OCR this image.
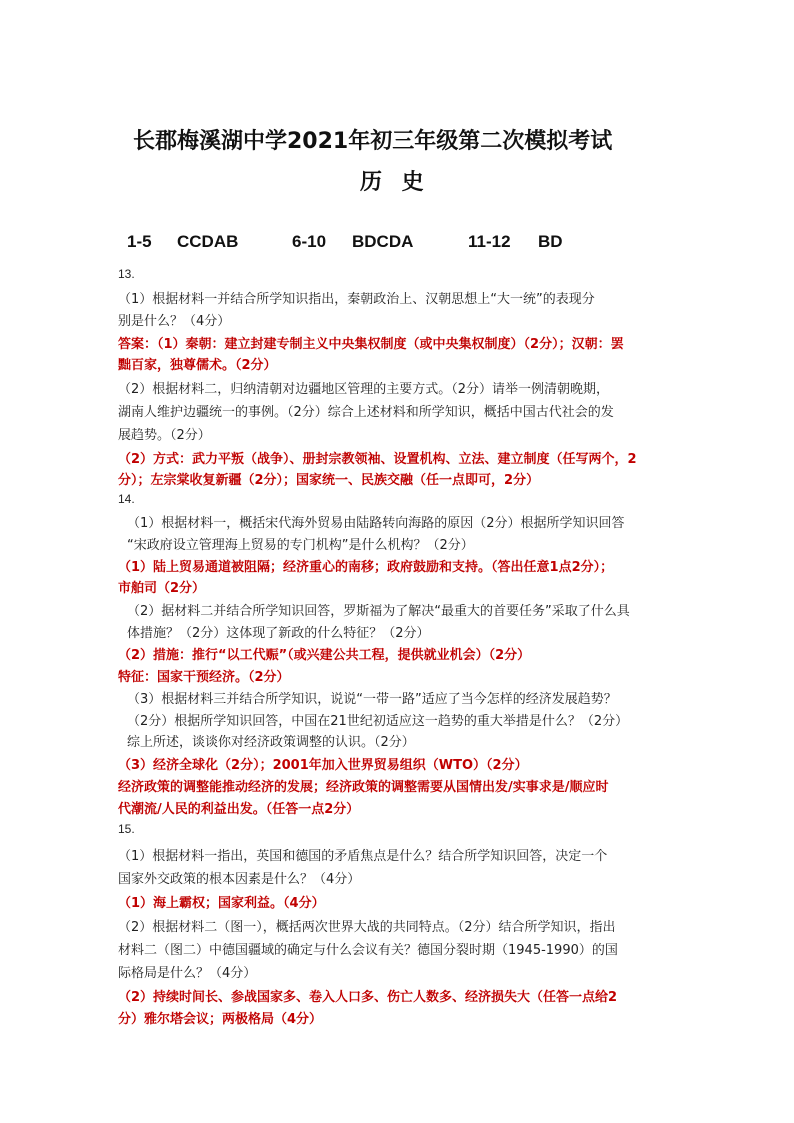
长郡梅溪湖中学2021年初三年级第二次模拟考试
历 史
1-5 CCDAB	6-10 BDCDA	11-12 BD
13.
（1）根据材料一并结合所学知识指出，秦朝政治上、汉朝思想上“大一统”的表现分
别是什么？（4分）
答案：（1）秦朝：建立封建专制主义中央集权制度（或中央集权制度）（2分）；汉朝：罢
黜百家，独尊儒术。（2分）
（2）根据材料二，归纳清朝对边疆地区管理的主要方式。（2分）请举一例清朝晚期，
湖南人维护边疆统一的事例。（2分）综合上述材料和所学知识，概括中国古代社会的发
展趋势。（2分）
（2）方式：武力平叛（战争）、册封宗教领袖、设置机构、立法、建立制度（任写两个，2
分）；左宗棠收复新疆（2分）；国家统一、民族交融（任一点即可，2分）
14.
（1）根据材料一，概括宋代海外贸易由陆路转向海路的原因（2分）根据所学知识回答
“宋政府设立管理海上贸易的专门机构”是什么机构？（2分）
（1）陆上贸易通道被阻隔；经济重心的南移；政府鼓励和支持。（答出任意1点2分）；
市舶司（2分）
（2）据材料二并结合所学知识回答，罗斯福为了解决“最重大的首要任务”采取了什么具
体措施？（2分）这体现了新政的什么特征？（2分）
（2）措施：推行“以工代赈”（或兴建公共工程，提供就业机会）（2分）
特征：国家干预经济。（2分）
（3）根据材料三并结合所学知识，说说“一带一路”适应了当今怎样的经济发展趋势？
（2分）根据所学知识回答，中国在21世纪初适应这一趋势的重大举措是什么？（2分）
综上所述，谈谈你对经济政策调整的认识。（2分）
（3）经济全球化（2分）；2001年加入世界贸易组织（WTO）（2分）
经济政策的调整能推动经济的发展；经济政策的调整需要从国情出发/实事求是/顺应时
代潮流/人民的利益出发。（任答一点2分）
15.
（1）根据材料一指出，英国和德国的矛盾焦点是什么？结合所学知识回答，决定一个
国家外交政策的根本因素是什么？（4分）
（1）海上霸权；国家利益。（4分）
（2）根据材料二（图一），概括两次世界大战的共同特点。（2分）结合所学知识，指出
材料二（图二）中德国疆域的确定与什么会议有关？德国分裂时期（1945-1990）的国
际格局是什么？（4分）
（2）持续时间长、参战国家多、卷入人口多、伤亡人数多、经济损失大（任答一点给2
分）雅尔塔会议；两极格局（4分）
